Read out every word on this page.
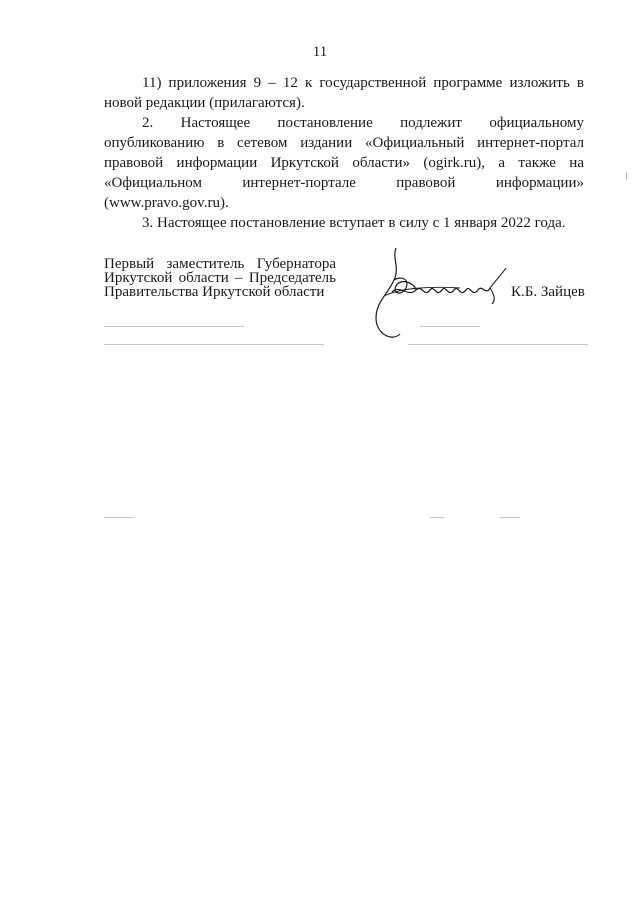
11

11) приложения 9 – 12 к государственной программе изложить в новой редакции (прилагаются).

2. Настоящее постановление подлежит официальному опубликованию в сетевом издании «Официальный интернет-портал правовой информации Иркутской области» (ogirk.ru), а также на «Официальном интернет-портале правовой информации» (www.pravo.gov.ru).

3. Настоящее постановление вступает в силу с 1 января 2022 года.

Первый заместитель Губернатора
Иркутской области – Председатель
Правительства Иркутской области	К.Б. Зайцев
